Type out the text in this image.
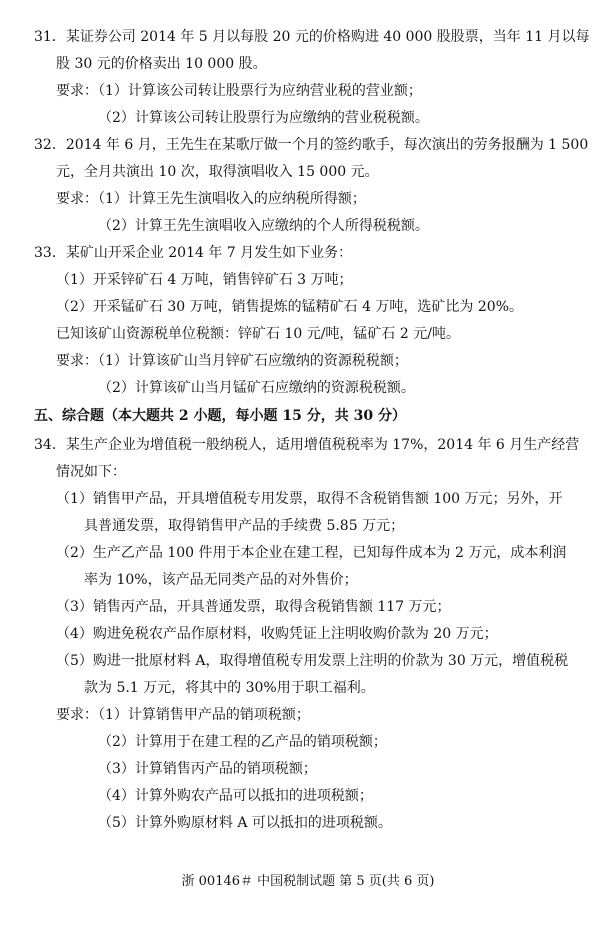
31．某证券公司 2014 年 5 月以每股 20 元的价格购进 40 000 股股票，当年 11 月以每
股 30 元的价格卖出 10 000 股。
要求：（1）计算该公司转让股票行为应纳营业税的营业额；
（2）计算该公司转让股票行为应缴纳的营业税税额。
32．2014 年 6 月，王先生在某歌厅做一个月的签约歌手，每次演出的劳务报酬为 1 500
元，全月共演出 10 次，取得演唱收入 15 000 元。
要求：（1）计算王先生演唱收入的应纳税所得额；
（2）计算王先生演唱收入应缴纳的个人所得税税额。
33．某矿山开采企业 2014 年 7 月发生如下业务：
（1）开采锌矿石 4 万吨，销售锌矿石 3 万吨；
（2）开采锰矿石 30 万吨，销售提炼的锰精矿石 4 万吨，选矿比为 20%。
已知该矿山资源税单位税额：锌矿石 10 元/吨，锰矿石 2 元/吨。
要求：（1）计算该矿山当月锌矿石应缴纳的资源税税额；
（2）计算该矿山当月锰矿石应缴纳的资源税税额。
五、综合题（本大题共 2 小题，每小题 15 分，共 30 分）
34．某生产企业为增值税一般纳税人，适用增值税税率为 17%，2014 年 6 月生产经营
情况如下：
（1）销售甲产品，开具增值税专用发票，取得不含税销售额 100 万元；另外，开
具普通发票，取得销售甲产品的手续费 5.85 万元；
（2）生产乙产品 100 件用于本企业在建工程，已知每件成本为 2 万元，成本利润
率为 10%，该产品无同类产品的对外售价；
（3）销售丙产品，开具普通发票，取得含税销售额 117 万元；
（4）购进免税农产品作原材料，收购凭证上注明收购价款为 20 万元；
（5）购进一批原材料 A，取得增值税专用发票上注明的价款为 30 万元，增值税税
款为 5.1 万元，将其中的 30%用于职工福利。
要求：（1）计算销售甲产品的销项税额；
（2）计算用于在建工程的乙产品的销项税额；
（3）计算销售丙产品的销项税额；
（4）计算外购农产品可以抵扣的进项税额；
（5）计算外购原材料 A 可以抵扣的进项税额。
浙 00146＃ 中国税制试题 第 5 页(共 6 页)
